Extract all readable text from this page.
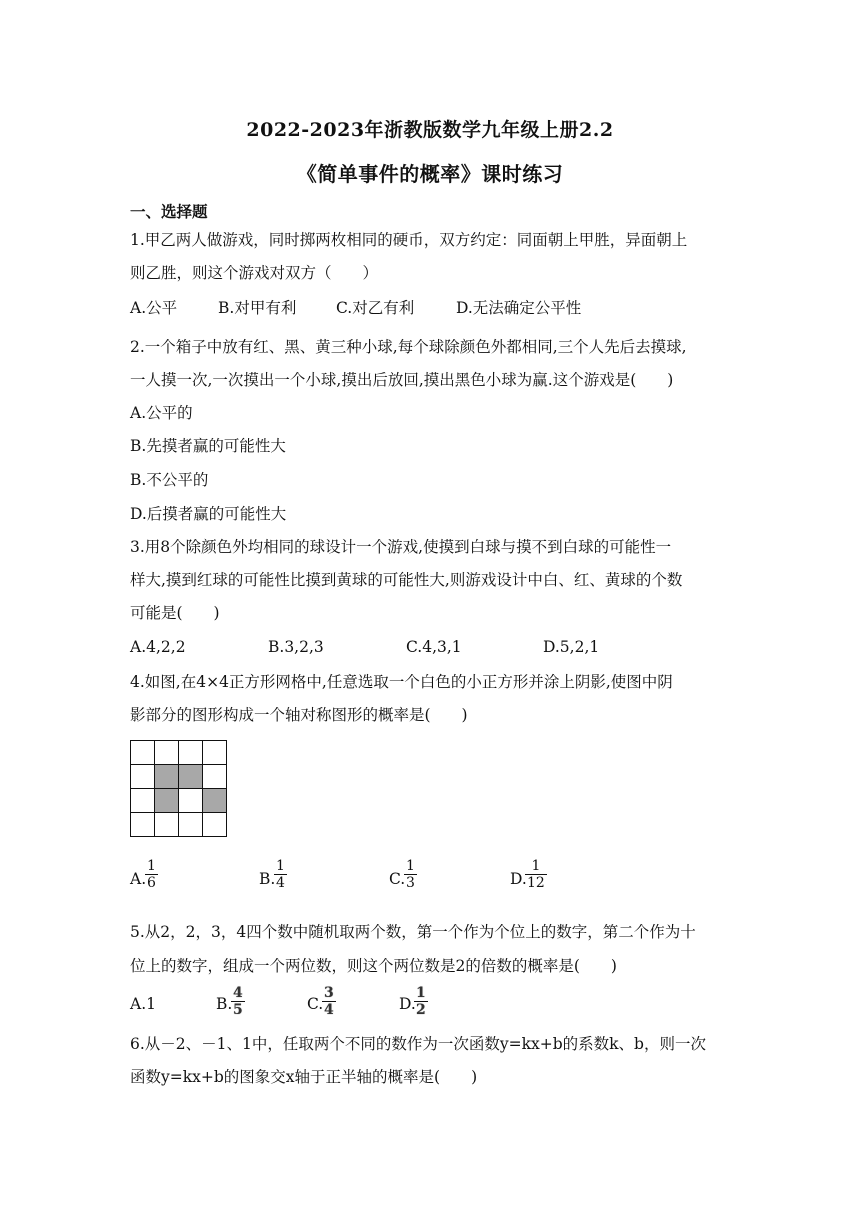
2022-2023年浙教版数学九年级上册2.2
《简单事件的概率》课时练习
一、选择题
1.甲乙两人做游戏，同时掷两枚相同的硬币，双方约定：同面朝上甲胜，异面朝上
则乙胜，则这个游戏对双方（　　）
A.公平	B.对甲有利	C.对乙有利	D.无法确定公平性
2.一个箱子中放有红、黑、黄三种小球,每个球除颜色外都相同,三个人先后去摸球,
一人摸一次,一次摸出一个小球,摸出后放回,摸出黑色小球为赢.这个游戏是(　　)
A.公平的
B.先摸者赢的可能性大
B.不公平的
D.后摸者赢的可能性大
3.用8个除颜色外均相同的球设计一个游戏,使摸到白球与摸不到白球的可能性一
样大,摸到红球的可能性比摸到黄球的可能性大,则游戏设计中白、红、黄球的个数
可能是(　　)
A.4,2,2	B.3,2,3	C.4,3,1	D.5,2,1
4.如图,在4×4正方形网格中,任意选取一个白色的小正方形并涂上阴影,使图中阴
影部分的图形构成一个轴对称图形的概率是(　　)
A.
$\frac{1}{6}$	B.
$\frac{1}{4}$	C.
$\frac{1}{3}$	D.
$\frac{1}{12}$
5.从2，2，3，4四个数中随机取两个数，第一个作为个位上的数字，第二个作为十
位上的数字，组成一个两位数，则这个两位数是2的倍数的概率是(　　)
A.1	B.
$\frac{4}{5}$	C.
$\frac{3}{4}$	D.
$\frac{1}{2}$
6.从－2、－1、1中，任取两个不同的数作为一次函数y=kx+b的系数k、b，则一次
函数y=kx+b的图象交x轴于正半轴的概率是(　　)
